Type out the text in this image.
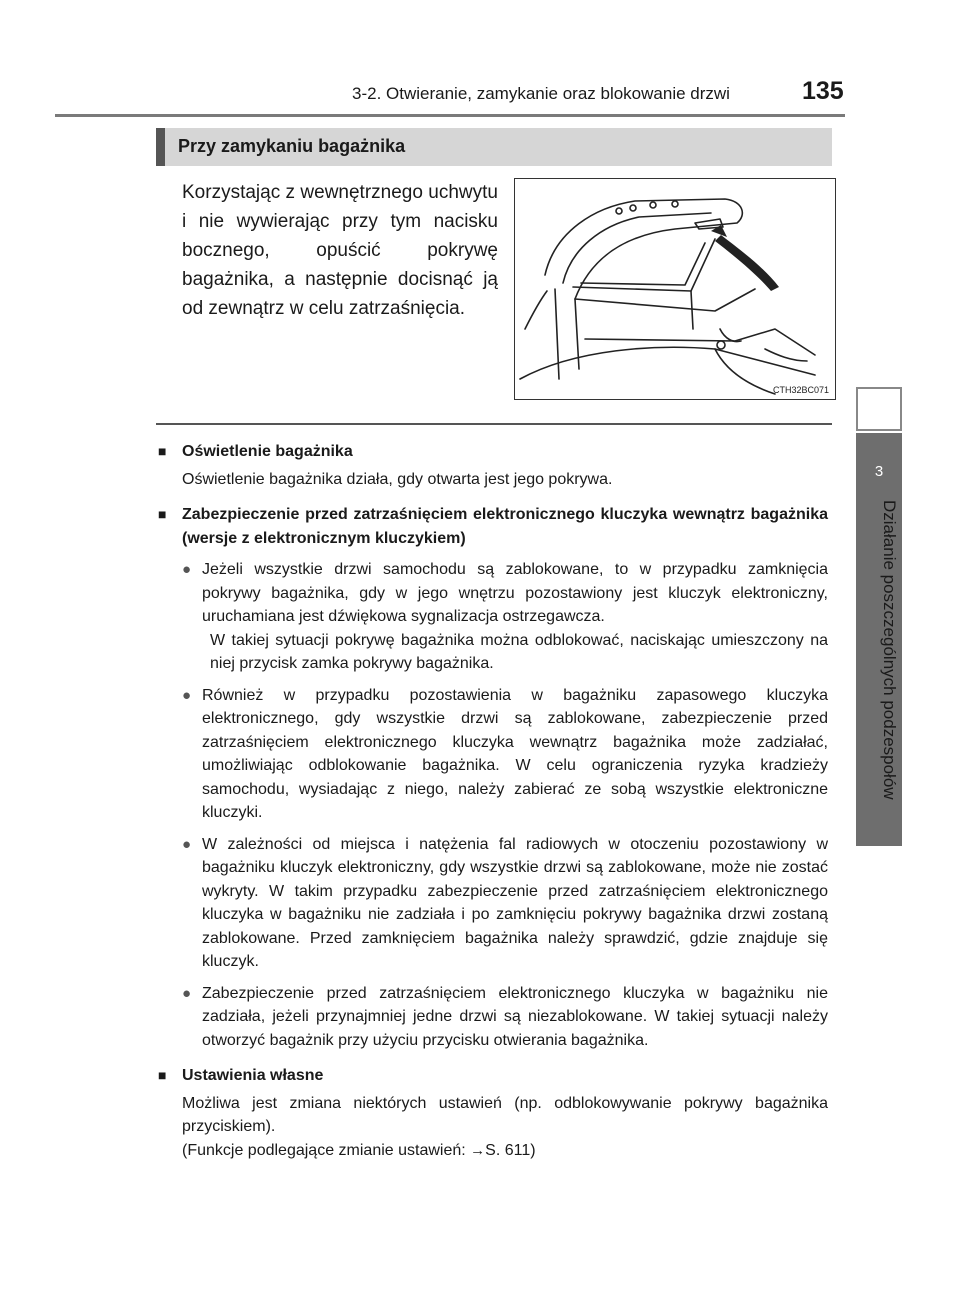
3-2. Otwieranie, zamykanie oraz blokowanie drzwi	135
3
Działanie poszczególnych podzespołów
Przy zamykaniu bagażnika
Korzystając z wewnętrznego uchwytu i nie wywierając przy tym nacisku bocznego, opuścić pokrywę bagażnika, a następnie docisnąć ją od zewnątrz w celu zatrzaśnięcia.
CTH32BC071
■ Oświetlenie bagażnika
Oświetlenie bagażnika działa, gdy otwarta jest jego pokrywa.
■ Zabezpieczenie przed zatrzaśnięciem elektronicznego kluczyka wewnątrz bagażnika (wersje z elektronicznym kluczykiem)
● Jeżeli wszystkie drzwi samochodu są zablokowane, to w przypadku zamknięcia pokrywy bagażnika, gdy w jego wnętrzu pozostawiony jest kluczyk elektroniczny, uruchamiana jest dźwiękowa sygnalizacja ostrzegawcza.
W takiej sytuacji pokrywę bagażnika można odblokować, naciskając umieszczony na niej przycisk zamka pokrywy bagażnika.
● Również w przypadku pozostawienia w bagażniku zapasowego kluczyka elektronicznego, gdy wszystkie drzwi są zablokowane, zabezpieczenie przed zatrzaśnięciem elektronicznego kluczyka wewnątrz bagażnika może zadziałać, umożliwiając odblokowanie bagażnika. W celu ograniczenia ryzyka kradzieży samochodu, wysiadając z niego, należy zabierać ze sobą wszystkie elektroniczne kluczyki.
● W zależności od miejsca i natężenia fal radiowych w otoczeniu pozostawiony w bagażniku kluczyk elektroniczny, gdy wszystkie drzwi są zablokowane, może nie zostać wykryty. W takim przypadku zabezpieczenie przed zatrzaśnięciem elektronicznego kluczyka w bagażniku nie zadziała i po zamknięciu pokrywy bagażnika drzwi zostaną zablokowane. Przed zamknięciem bagażnika należy sprawdzić, gdzie znajduje się kluczyk.
● Zabezpieczenie przed zatrzaśnięciem elektronicznego kluczyka w bagażniku nie zadziała, jeżeli przynajmniej jedne drzwi są niezablokowane. W takiej sytuacji należy otworzyć bagażnik przy użyciu przycisku otwierania bagażnika.
■ Ustawienia własne
Możliwa jest zmiana niektórych ustawień (np. odblokowywanie pokrywy bagażnika przyciskiem).
(Funkcje podlegające zmianie ustawień: →S. 611)
